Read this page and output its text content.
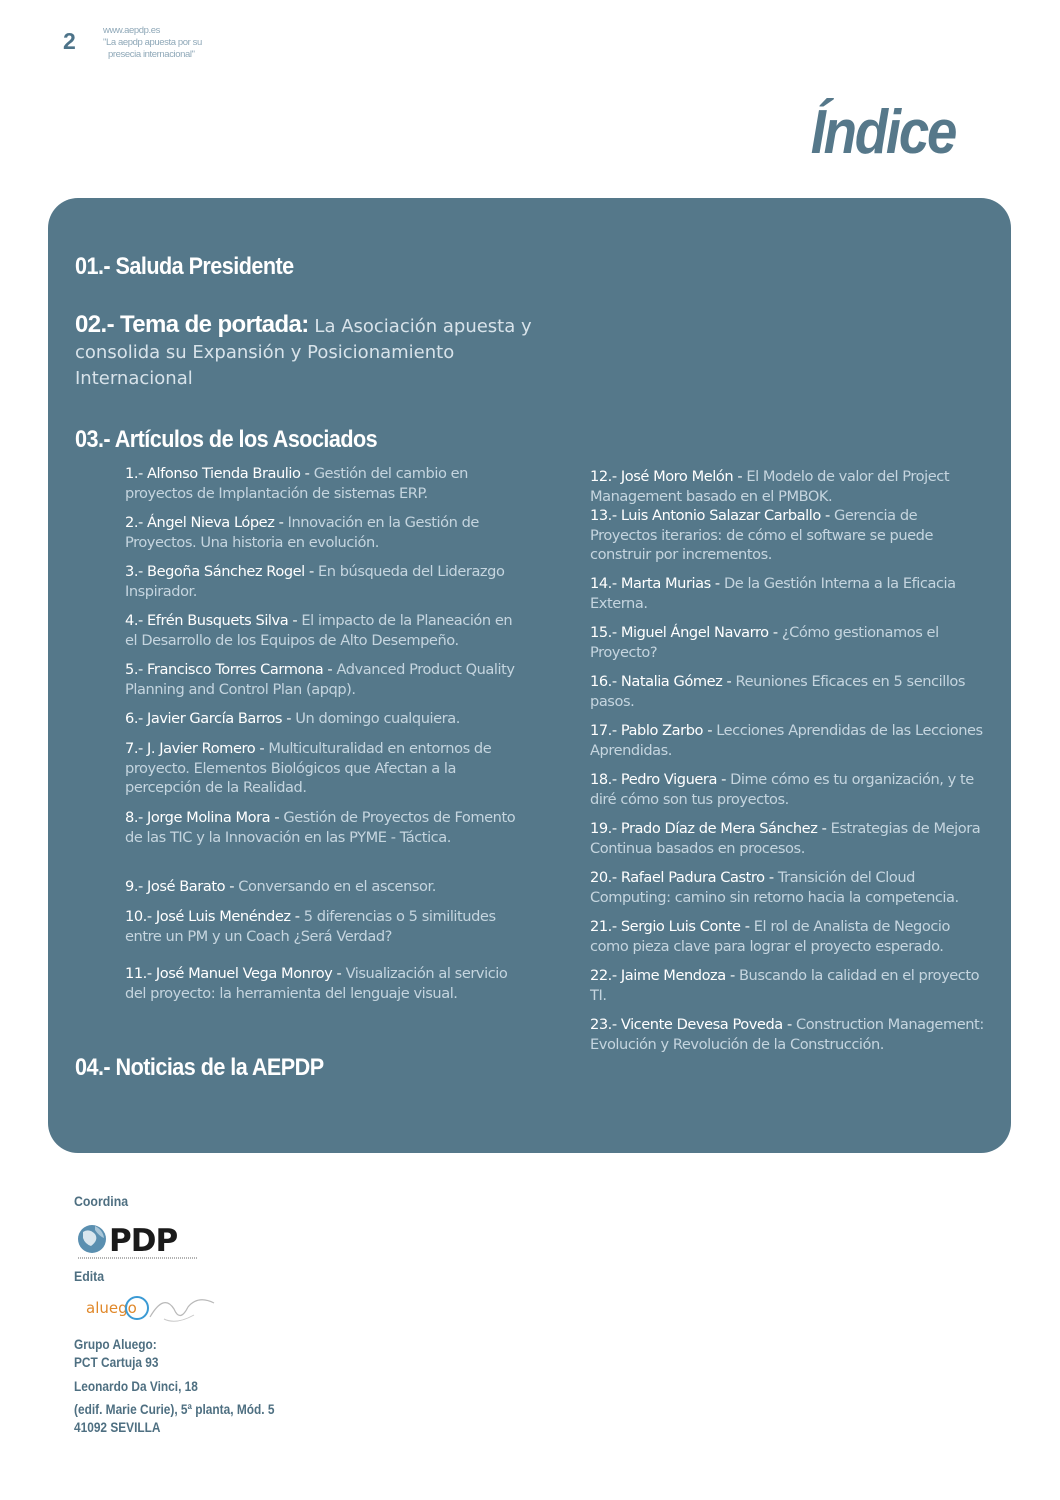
2	www.aepdp.es
"La aepdp apuesta por su
presecia internacional"
Índice
01.- Saluda Presidente
02.- Tema de portada: La Asociación apuesta y consolida su Expansión y Posicionamiento Internacional
03.- Artículos de los Asociados
1.- Alfonso Tienda Braulio - Gestión del cambio en proyectos de Implantación de sistemas ERP.
2.- Ángel Nieva López - Innovación en la Gestión de Proyectos. Una historia en evolución.
3.- Begoña Sánchez Rogel - En búsqueda del Liderazgo Inspirador.
4.- Efrén Busquets Silva - El impacto de la Planeación en el Desarrollo de los Equipos de Alto Desempeño.
5.- Francisco Torres Carmona - Advanced Product Quality Planning and Control Plan (apqp).
6.- Javier García Barros - Un domingo cualquiera.
7.- J. Javier Romero - Multiculturalidad en entornos de proyecto. Elementos Biológicos que Afectan a la percepción de la Realidad.
8.- Jorge Molina Mora - Gestión de Proyectos de Fomento de las TIC y la Innovación en las PYME - Táctica.
9.- José Barato - Conversando en el ascensor.
10.- José Luis Menéndez - 5 diferencias o 5 similitudes entre un PM y un Coach ¿Será Verdad?
11.- José Manuel Vega Monroy - Visualización al servicio del proyecto: la herramienta del lenguaje visual.
12.- José Moro Melón - El Modelo de valor del Project Management basado en el PMBOK.
13.- Luis Antonio Salazar Carballo - Gerencia de Proyectos iterarios: de cómo el software se puede construir por incrementos.
14.- Marta Murias - De la Gestión Interna a la Eficacia Externa.
15.- Miguel Ángel Navarro - ¿Cómo gestionamos el Proyecto?
16.- Natalia Gómez - Reuniones Eficaces en 5 sencillos pasos.
17.- Pablo Zarbo - Lecciones Aprendidas de las Lecciones Aprendidas.
18.- Pedro Viguera - Dime cómo es tu organización, y te diré cómo son tus proyectos.
19.- Prado Díaz de Mera Sánchez - Estrategias de Mejora Continua basados en procesos.
20.- Rafael Padura Castro - Transición del Cloud Computing: camino sin retorno hacia la competencia.
21.- Sergio Luis Conte - El rol de Analista de Negocio como pieza clave para lograr el proyecto esperado.
22.- Jaime Mendoza - Buscando la calidad en el proyecto TI.
23.- Vicente Devesa Poveda - Construction Management: Evolución y Revolución de la Construcción.
04.- Noticias de la AEPDP
Coordina
PDP
Edita
aluego
Grupo Aluego:
PCT Cartuja 93
Leonardo Da Vinci, 18
(edif. Marie Curie), 5ª planta, Mód. 5
41092 SEVILLA
